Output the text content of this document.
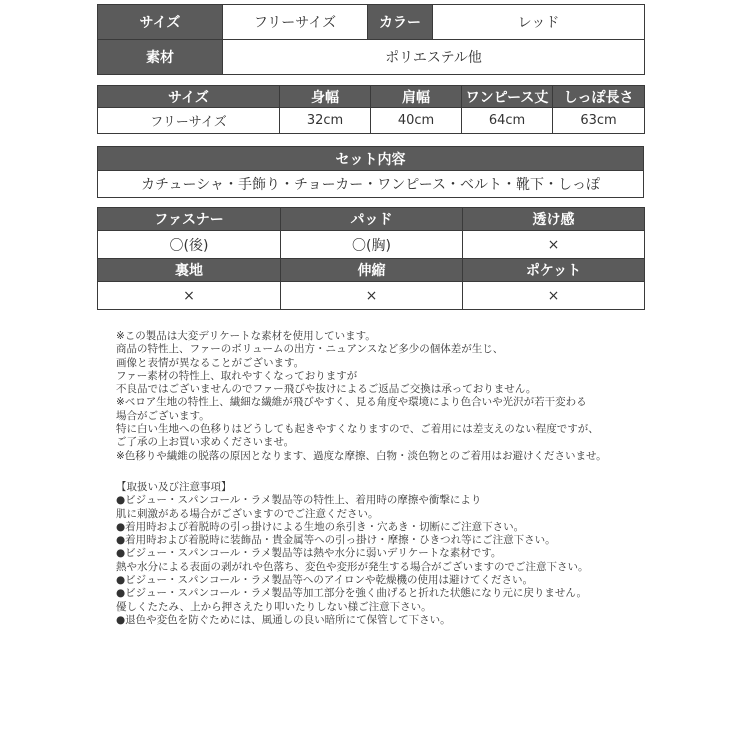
サイズ	フリーサイズ	カラー	レッド
素材	ポリエステル他		
サイズ	身幅	肩幅	ワンピース丈	しっぽ長さ
フリーサイズ	32cm	40cm	64cm	63cm
セット内容
カチューシャ・手飾り・チョーカー・ワンピース・ベルト・靴下・しっぽ
ファスナー	パッド	透け感
〇(後)	〇(胸)	×
裏地	伸縮	ポケット
×	×	×
※この製品は大変デリケートな素材を使用しています。
商品の特性上、ファーのボリュームの出方・ニュアンスなど多少の個体差が生じ、
画像と表情が異なることがございます。
ファー素材の特性上、取れやすくなっておりますが
不良品ではございませんのでファー飛びや抜けによるご返品ご交換は承っておりません。
※ベロア生地の特性上、繊細な繊維が飛びやすく、見る角度や環境により色合いや光沢が若干変わる
場合がございます。
特に白い生地への色移りはどうしても起きやすくなりますので、ご着用には差支えのない程度ですが、
ご了承の上お買い求めくださいませ。
※色移りや繊維の脱落の原因となります、過度な摩擦、白物・淡色物とのご着用はお避けくださいませ。
【取扱い及び注意事項】
●ビジュー・スパンコール・ラメ製品等の特性上、着用時の摩擦や衝撃により
肌に刺激がある場合がございますのでご注意ください。
●着用時および着脱時の引っ掛けによる生地の糸引き・穴あき・切断にご注意下さい。
●着用時および着脱時に装飾品・貴金属等への引っ掛け・摩擦・ひきつれ等にご注意下さい。
●ビジュー・スパンコール・ラメ製品等は熱や水分に弱いデリケートな素材です。
熱や水分による表面の剥がれや色落ち、変色や変形が発生する場合がございますのでご注意下さい。
●ビジュー・スパンコール・ラメ製品等へのアイロンや乾燥機の使用は避けてください。
●ビジュー・スパンコール・ラメ製品等加工部分を強く曲げると折れた状態になり元に戻りません。
優しくたたみ、上から押さえたり叩いたりしない様ご注意下さい。
●退色や変色を防ぐためには、風通しの良い暗所にて保管して下さい。
